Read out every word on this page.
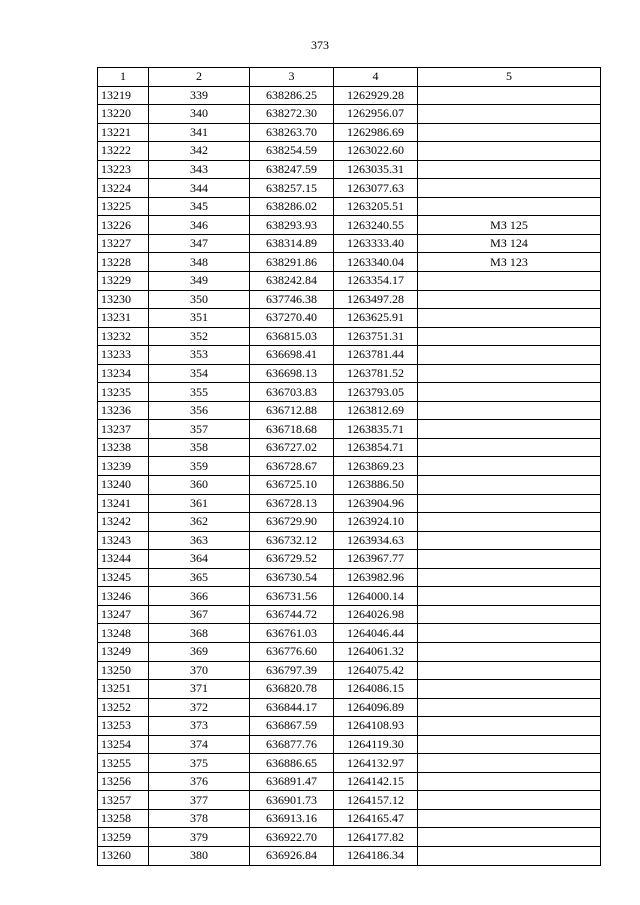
373
1	2	3	4	5
13219	339	638286.25	1262929.28	
13220	340	638272.30	1262956.07	
13221	341	638263.70	1262986.69	
13222	342	638254.59	1263022.60	
13223	343	638247.59	1263035.31	
13224	344	638257.15	1263077.63	
13225	345	638286.02	1263205.51	
13226	346	638293.93	1263240.55	МЗ 125
13227	347	638314.89	1263333.40	МЗ 124
13228	348	638291.86	1263340.04	МЗ 123
13229	349	638242.84	1263354.17	
13230	350	637746.38	1263497.28	
13231	351	637270.40	1263625.91	
13232	352	636815.03	1263751.31	
13233	353	636698.41	1263781.44	
13234	354	636698.13	1263781.52	
13235	355	636703.83	1263793.05	
13236	356	636712.88	1263812.69	
13237	357	636718.68	1263835.71	
13238	358	636727.02	1263854.71	
13239	359	636728.67	1263869.23	
13240	360	636725.10	1263886.50	
13241	361	636728.13	1263904.96	
13242	362	636729.90	1263924.10	
13243	363	636732.12	1263934.63	
13244	364	636729.52	1263967.77	
13245	365	636730.54	1263982.96	
13246	366	636731.56	1264000.14	
13247	367	636744.72	1264026.98	
13248	368	636761.03	1264046.44	
13249	369	636776.60	1264061.32	
13250	370	636797.39	1264075.42	
13251	371	636820.78	1264086.15	
13252	372	636844.17	1264096.89	
13253	373	636867.59	1264108.93	
13254	374	636877.76	1264119.30	
13255	375	636886.65	1264132.97	
13256	376	636891.47	1264142.15	
13257	377	636901.73	1264157.12	
13258	378	636913.16	1264165.47	
13259	379	636922.70	1264177.82	
13260	380	636926.84	1264186.34	
